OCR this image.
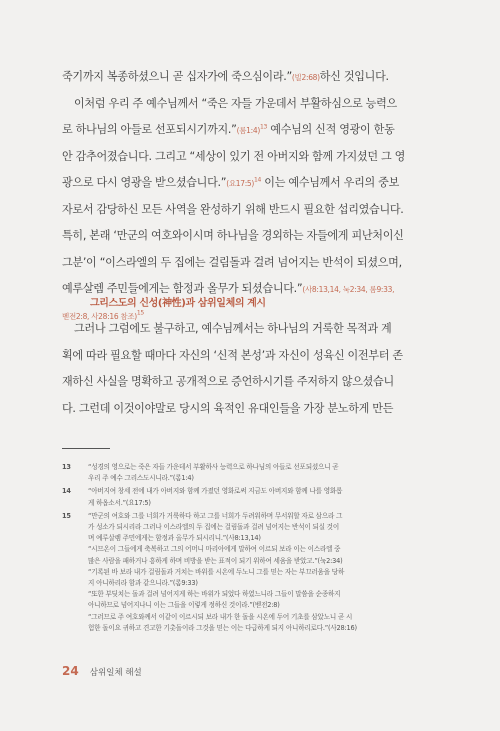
죽기까지 복종하셨으니 곧 십자가에 죽으심이라.”(빌2:68)하신 것입니다.
이처럼 우리 주 예수님께서 “죽은 자들 가운데서 부활하심으로 능력으
로 하나님의 아들로 선포되시기까지.”(롬1:4)$^{13}$ 예수님의 신적 영광이 한동
안 감추어졌습니다. 그리고 “세상이 있기 전 아버지와 함께 가지셨던 그 영
광으로 다시 영광을 받으셨습니다.”(요17:5)$^{14}$ 이는 예수님께서 우리의 중보
자로서 감당하신 모든 사역을 완성하기 위해 반드시 필요한 섭리였습니다.
특히, 본래 ‘만군의 여호와이시며 하나님을 경외하는 자들에게 피난처이신
그분’이 “이스라엘의 두 집에는 걸림돌과 걸려 넘어지는 반석이 되셨으며,
예루살렘 주민들에게는 함정과 올무가 되셨습니다.”(사8:13,14, 눅2:34, 롬9:33,
벧전2:8, 사28:16 참조)$^{15}$
그리스도의 신성(神性)과 삼위일체의 계시
그러나 그럼에도 불구하고, 예수님께서는 하나님의 거룩한 목적과 계
획에 따라 필요할 때마다 자신의 ‘신적 본성’과 자신이 성육신 이전부터 존
재하신 사실을 명확하고 공개적으로 증언하시기를 주저하지 않으셨습니
다. 그런데 이것이야말로 당시의 육적인 유대인들을 가장 분노하게 만든
13	“성경의 영으로는 죽은 자들 가운데서 부활하사 능력으로 하나님의 아들로 선포되셨으니 곧
우리 주 예수 그리스도시니라.”(롬1:4)
14	“아버지여 창세 전에 내가 아버지와 함께 가졌던 영화로써 지금도 아버지와 함께 나를 영화롭
게 하옵소서.”(요17:5)
15	“만군의 여호와 그를 너희가 거룩하다 하고 그를 너희가 두려워하며 무서워할 자로 삼으라 그
가 성소가 되시리라 그러나 이스라엘의 두 집에는 걸림돌과 걸려 넘어지는 반석이 되실 것이
며 예루살렘 주민에게는 함정과 올무가 되시리니.”(사8:13,14)
“시므온이 그들에게 축복하고 그의 어머니 마리아에게 말하여 이르되 보라 이는 이스라엘 중
많은 사람을 패하거나 흥하게 하며 비방을 받는 표적이 되기 위하여 세움을 받았고.”(눅2:34)
“기록된 바 보라 내가 걸림돌과 거치는 바위를 시온에 두노니 그를 믿는 자는 부끄러움을 당하
지 아니하리라 함과 같으니라.”(롬9:33)
“또한 부딪치는 돌과 걸려 넘어지게 하는 바위가 되었다 하였느니라 그들이 말씀을 순종하지
아니하므로 넘어지나니 이는 그들을 이렇게 정하신 것이라.”(벧전2:8)
“그러므로 주 여호와께서 이같이 이르시되 보라 내가 한 돌을 시온에 두어 기초를 삼았노니 곧 시
험한 돌이요 귀하고 견고한 기촛돌이라 그것을 믿는 이는 다급하게 되지 아니하리로다.”(사28:16)
24 삼위일체 해설
